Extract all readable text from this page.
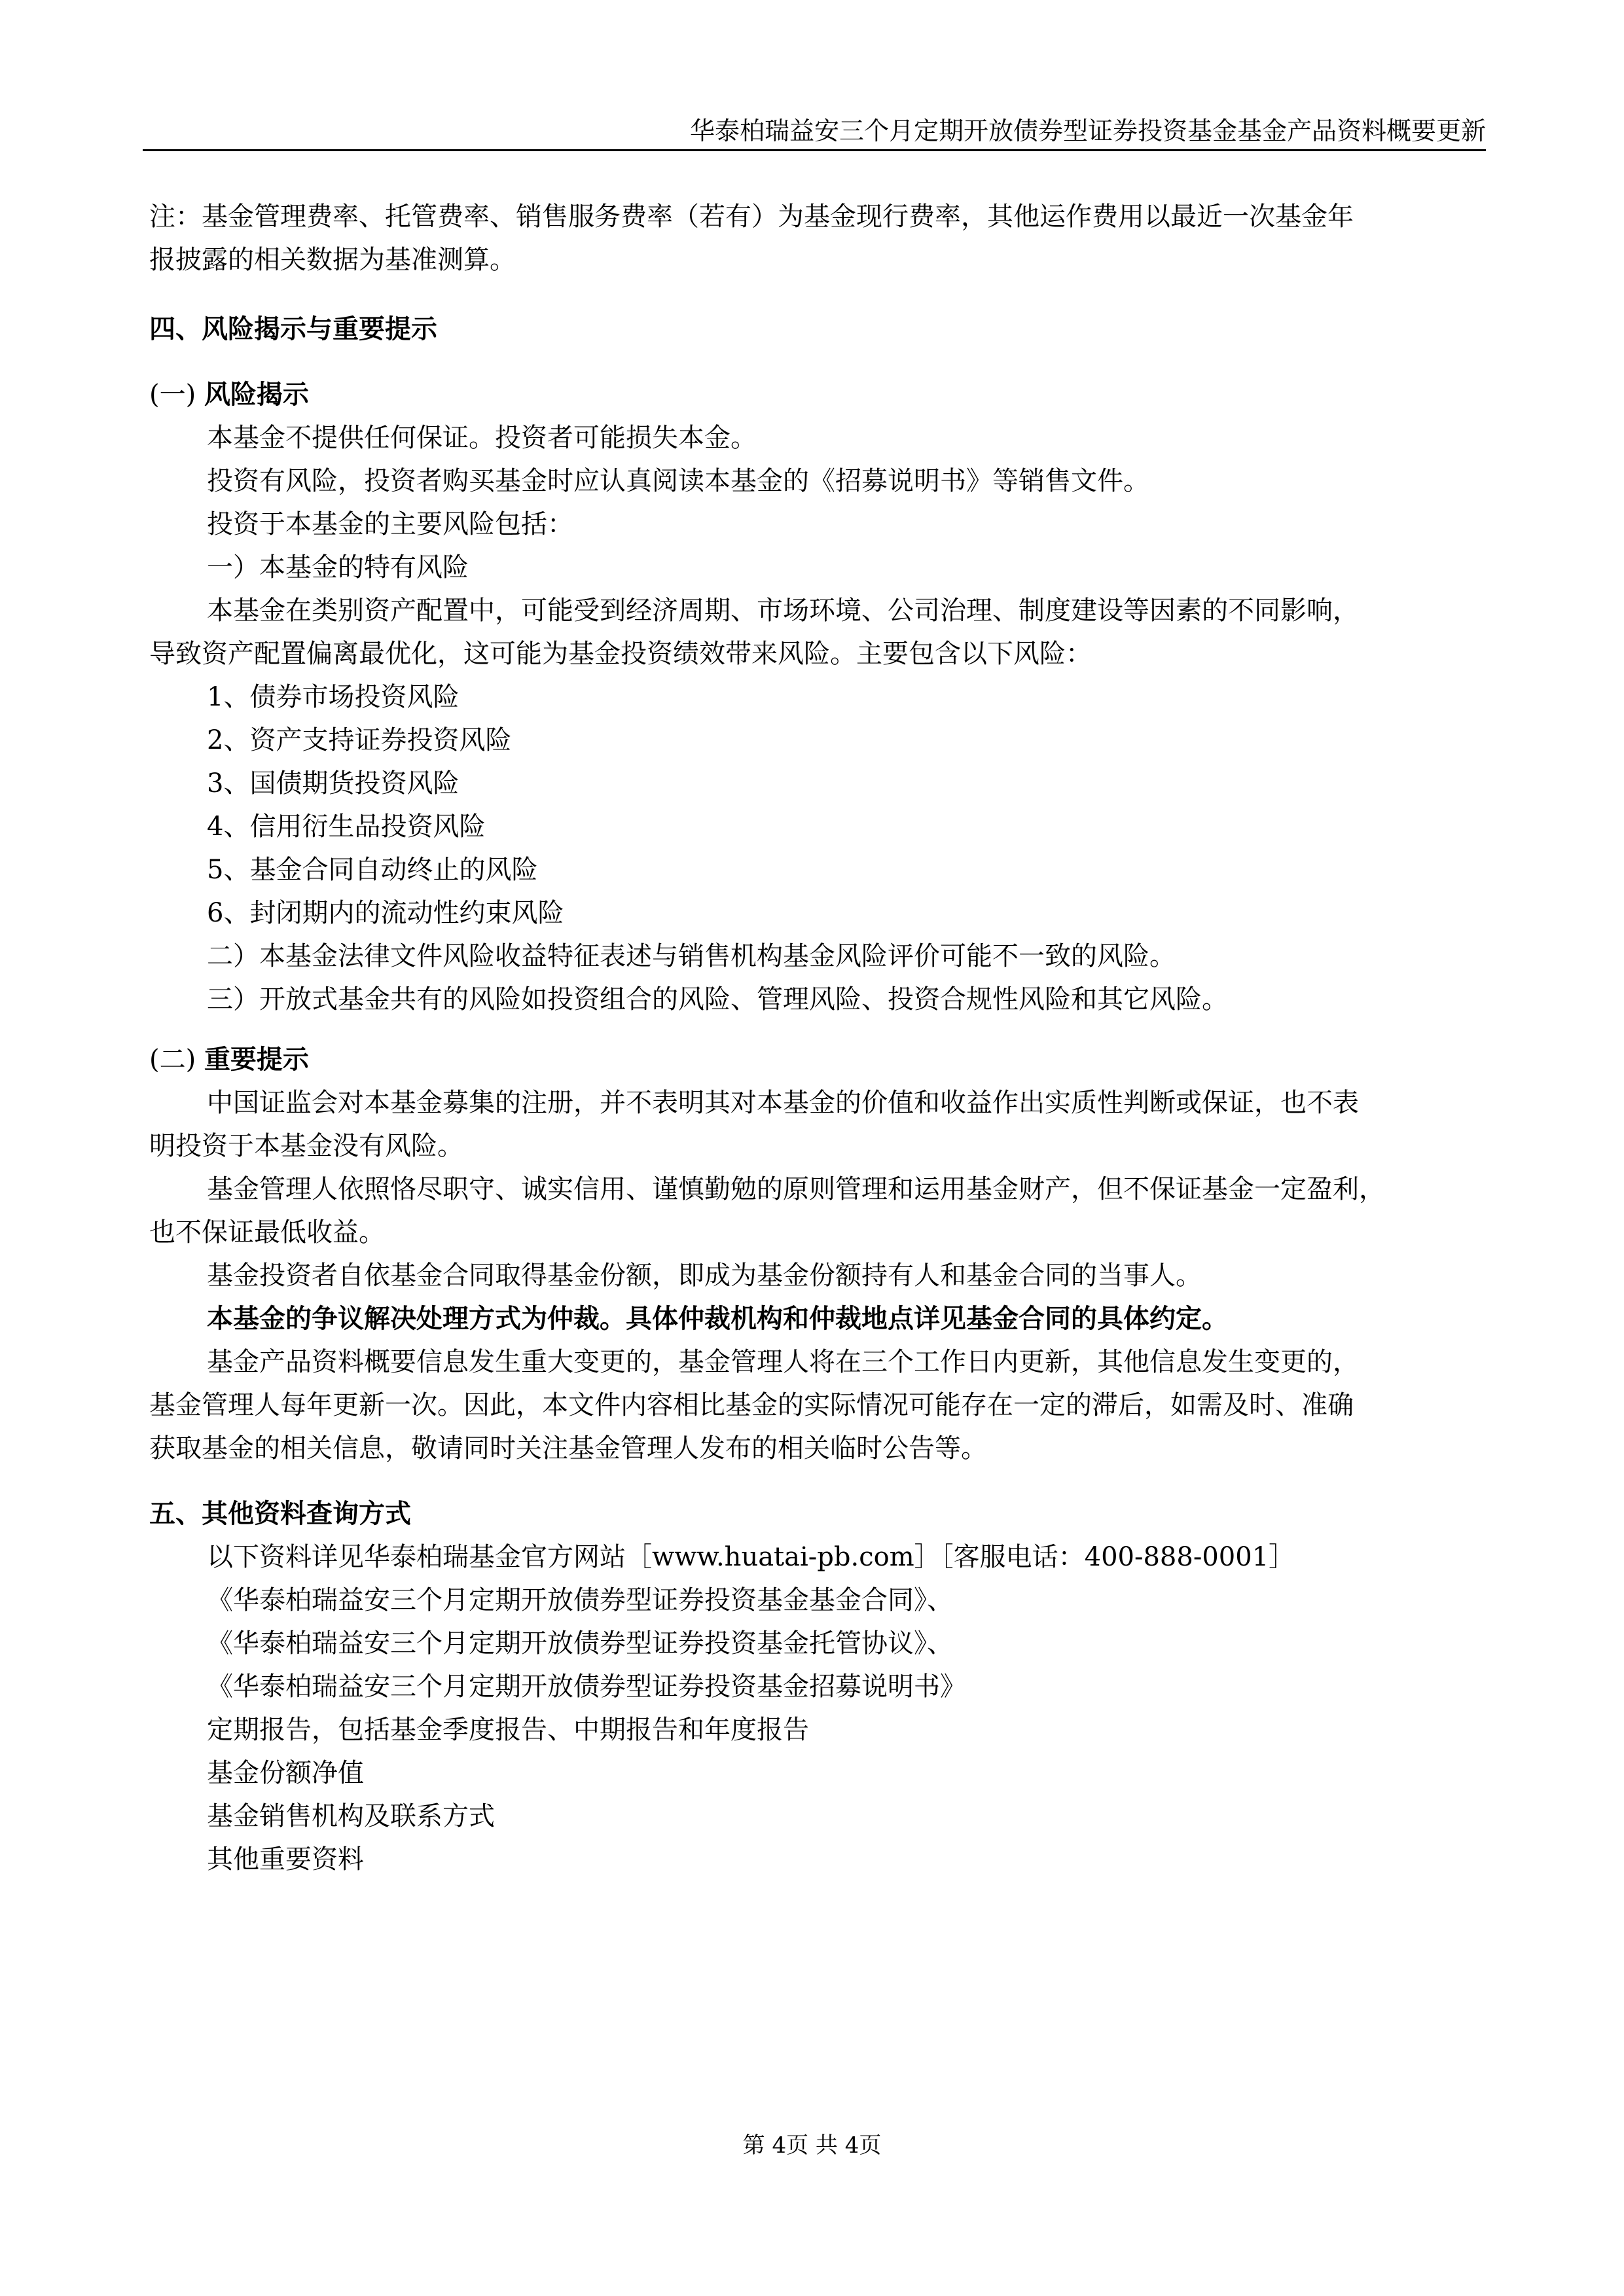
华泰柏瑞益安三个月定期开放债券型证券投资基金基金产品资料概要更新

注：基金管理费率、托管费率、销售服务费率（若有）为基金现行费率，其他运作费用以最近一次基金年

报披露的相关数据为基准测算。

四、风险揭示与重要提示

(一) 风险揭示

本基金不提供任何保证。投资者可能损失本金。

投资有风险，投资者购买基金时应认真阅读本基金的《招募说明书》等销售文件。

投资于本基金的主要风险包括：

一）本基金的特有风险

本基金在类别资产配置中，可能受到经济周期、市场环境、公司治理、制度建设等因素的不同影响，

导致资产配置偏离最优化，这可能为基金投资绩效带来风险。主要包含以下风险：

1、债券市场投资风险

2、资产支持证券投资风险

3、国债期货投资风险

4、信用衍生品投资风险

5、基金合同自动终止的风险

6、封闭期内的流动性约束风险

二）本基金法律文件风险收益特征表述与销售机构基金风险评价可能不一致的风险。

三）开放式基金共有的风险如投资组合的风险、管理风险、投资合规性风险和其它风险。

(二) 重要提示

中国证监会对本基金募集的注册，并不表明其对本基金的价值和收益作出实质性判断或保证，也不表

明投资于本基金没有风险。

基金管理人依照恪尽职守、诚实信用、谨慎勤勉的原则管理和运用基金财产，但不保证基金一定盈利，

也不保证最低收益。

基金投资者自依基金合同取得基金份额，即成为基金份额持有人和基金合同的当事人。

本基金的争议解决处理方式为仲裁。具体仲裁机构和仲裁地点详见基金合同的具体约定。

基金产品资料概要信息发生重大变更的，基金管理人将在三个工作日内更新，其他信息发生变更的，

基金管理人每年更新一次。因此，本文件内容相比基金的实际情况可能存在一定的滞后，如需及时、准确

获取基金的相关信息，敬请同时关注基金管理人发布的相关临时公告等。

五、其他资料查询方式

以下资料详见华泰柏瑞基金官方网站［www.huatai-pb.com］［客服电话：400-888-0001］

《华泰柏瑞益安三个月定期开放债券型证券投资基金基金合同》、

《华泰柏瑞益安三个月定期开放债券型证券投资基金托管协议》、

《华泰柏瑞益安三个月定期开放债券型证券投资基金招募说明书》

定期报告，包括基金季度报告、中期报告和年度报告

基金份额净值

基金销售机构及联系方式

其他重要资料

第 4页 共 4页
